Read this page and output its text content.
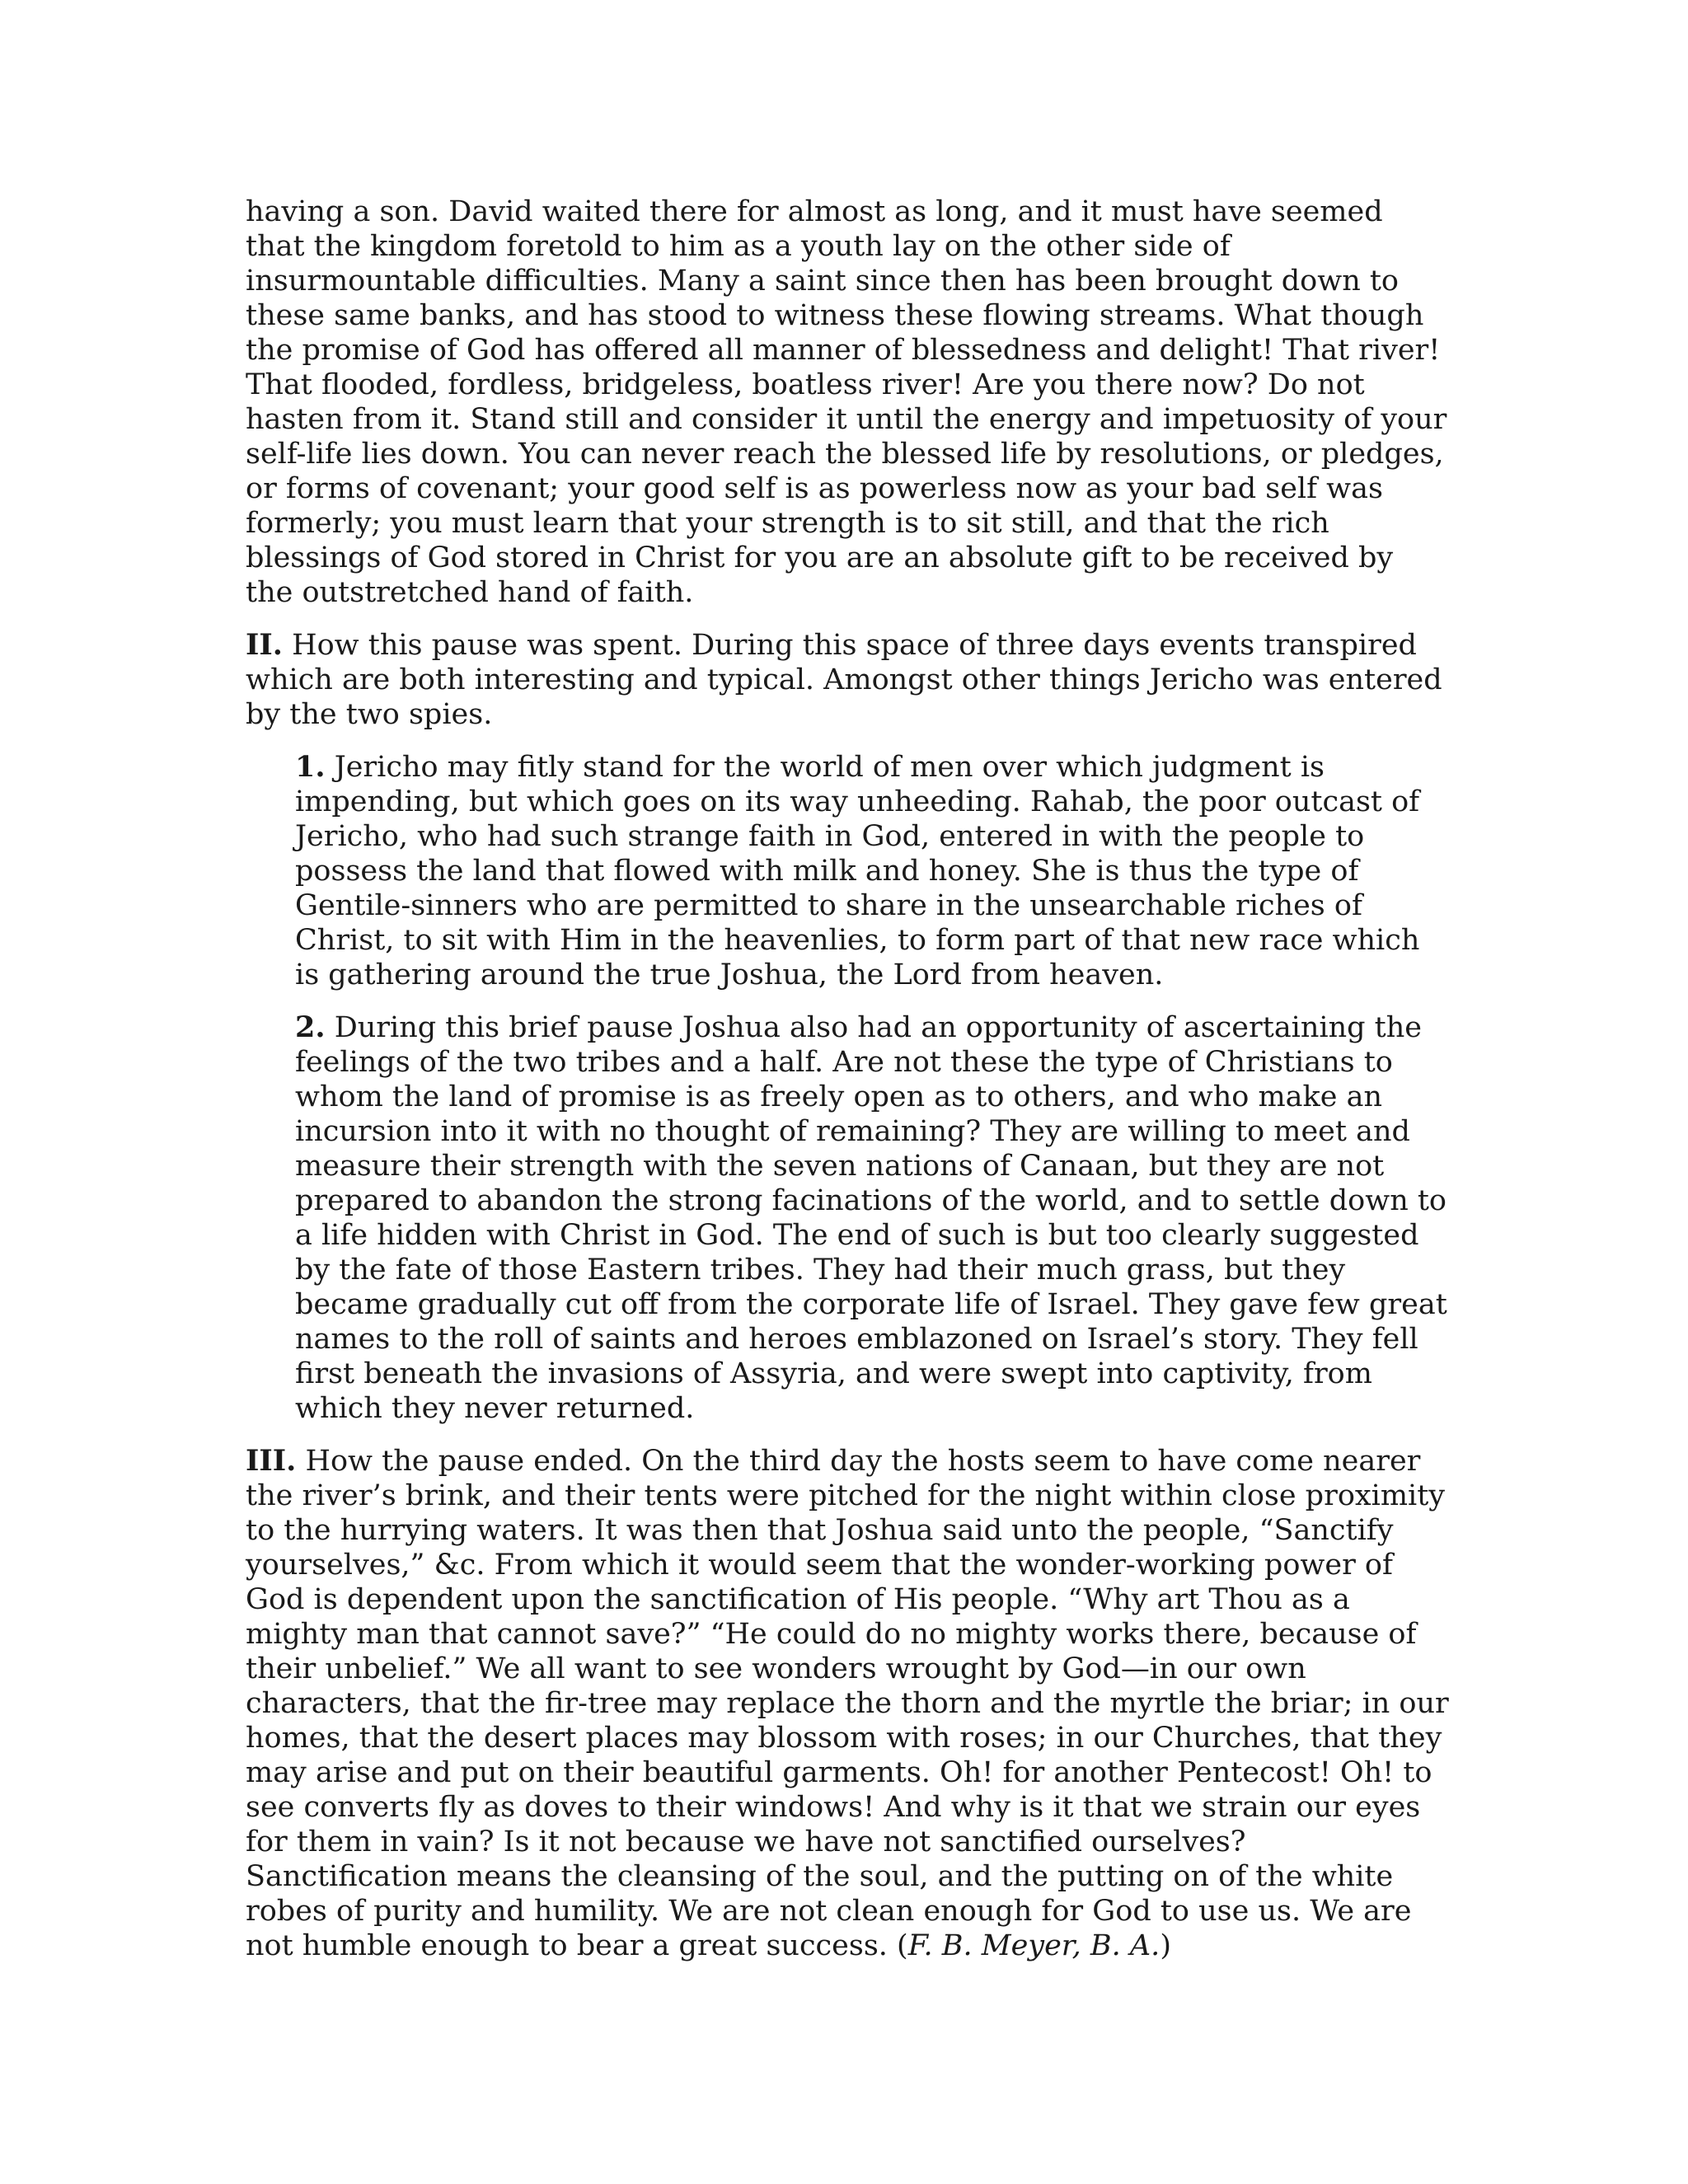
having a son. David waited there for almost as long, and it must have seemed that the kingdom foretold to him as a youth lay on the other side of insurmountable difficulties. Many a saint since then has been brought down to these same banks, and has stood to witness these flowing streams. What though the promise of God has offered all manner of blessedness and delight! That river! That flooded, fordless, bridgeless, boatless river! Are you there now? Do not hasten from it. Stand still and consider it until the energy and impetuosity of your self-life lies down. You can never reach the blessed life by resolutions, or pledges, or forms of covenant; your good self is as powerless now as your bad self was formerly; you must learn that your strength is to sit still, and that the rich blessings of God stored in Christ for you are an absolute gift to be received by the outstretched hand of faith.

II. How this pause was spent. During this space of three days events transpired which are both interesting and typical. Amongst other things Jericho was entered by the two spies.

1. Jericho may fitly stand for the world of men over which judgment is impending, but which goes on its way unheeding. Rahab, the poor outcast of Jericho, who had such strange faith in God, entered in with the people to possess the land that flowed with milk and honey. She is thus the type of Gentile-sinners who are permitted to share in the unsearchable riches of Christ, to sit with Him in the heavenlies, to form part of that new race which is gathering around the true Joshua, the Lord from heaven.

2. During this brief pause Joshua also had an opportunity of ascertaining the feelings of the two tribes and a half. Are not these the type of Christians to whom the land of promise is as freely open as to others, and who make an incursion into it with no thought of remaining? They are willing to meet and measure their strength with the seven nations of Canaan, but they are not prepared to abandon the strong facinations of the world, and to settle down to a life hidden with Christ in God. The end of such is but too clearly suggested by the fate of those Eastern tribes. They had their much grass, but they became gradually cut off from the corporate life of Israel. They gave few great names to the roll of saints and heroes emblazoned on Israel’s story. They fell first beneath the invasions of Assyria, and were swept into captivity, from which they never returned.

III. How the pause ended. On the third day the hosts seem to have come nearer the river’s brink, and their tents were pitched for the night within close proximity to the hurrying waters. It was then that Joshua said unto the people, “Sanctify yourselves,” &c. From which it would seem that the wonder-working power of God is dependent upon the sanctification of His people. “Why art Thou as a mighty man that cannot save?” “He could do no mighty works there, because of their unbelief.” We all want to see wonders wrought by God—in our own characters, that the fir-tree may replace the thorn and the myrtle the briar; in our homes, that the desert places may blossom with roses; in our Churches, that they may arise and put on their beautiful garments. Oh! for another Pentecost! Oh! to see converts fly as doves to their windows! And why is it that we strain our eyes for them in vain? Is it not because we have not sanctified ourselves? Sanctification means the cleansing of the soul, and the putting on of the white robes of purity and humility. We are not clean enough for God to use us. We are not humble enough to bear a great success. (F. B. Meyer, B. A.)
